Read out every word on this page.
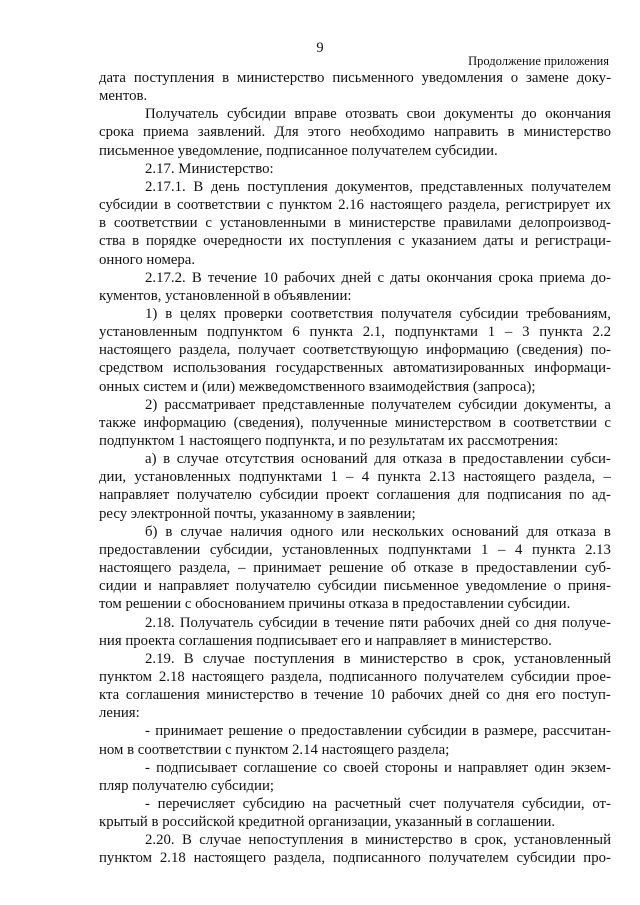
9
Продолжение приложения
дата поступления в министерство письменного уведомления о замене доку-
ментов.
Получатель субсидии вправе отозвать свои документы до окончания
срока приема заявлений. Для этого необходимо направить в министерство
письменное уведомление, подписанное получателем субсидии.
2.17. Министерство:
2.17.1. В день поступления документов, представленных получателем
субсидии в соответствии с пунктом 2.16 настоящего раздела, регистрирует их
в соответствии с установленными в министерстве правилами делопроизвод-
ства в порядке очередности их поступления с указанием даты и регистраци-
онного номера.
2.17.2. В течение 10 рабочих дней с даты окончания срока приема до-
кументов, установленной в объявлении:
1) в целях проверки соответствия получателя субсидии требованиям,
установленным подпунктом 6 пункта 2.1, подпунктами 1 – 3 пункта 2.2
настоящего раздела, получает соответствующую информацию (сведения) по-
средством использования государственных автоматизированных информаци-
онных систем и (или) межведомственного взаимодействия (запроса);
2) рассматривает представленные получателем субсидии документы, а
также информацию (сведения), полученные министерством в соответствии с
подпунктом 1 настоящего подпункта, и по результатам их рассмотрения:
а) в случае отсутствия оснований для отказа в предоставлении субси-
дии, установленных подпунктами 1 – 4 пункта 2.13 настоящего раздела, –
направляет получателю субсидии проект соглашения для подписания по ад-
ресу электронной почты, указанному в заявлении;
б) в случае наличия одного или нескольких оснований для отказа в
предоставлении субсидии, установленных подпунктами 1 – 4 пункта 2.13
настоящего раздела, – принимает решение об отказе в предоставлении суб-
сидии и направляет получателю субсидии письменное уведомление о приня-
том решении с обоснованием причины отказа в предоставлении субсидии.
2.18. Получатель субсидии в течение пяти рабочих дней со дня получе-
ния проекта соглашения подписывает его и направляет в министерство.
2.19. В случае поступления в министерство в срок, установленный
пунктом 2.18 настоящего раздела, подписанного получателем субсидии прое-
кта соглашения министерство в течение 10 рабочих дней со дня его поступ-
ления:
- принимает решение о предоставлении субсидии в размере, рассчитан-
ном в соответствии с пунктом 2.14 настоящего раздела;
- подписывает соглашение со своей стороны и направляет один экзем-
пляр получателю субсидии;
- перечисляет субсидию на расчетный счет получателя субсидии, от-
крытый в российской кредитной организации, указанный в соглашении.
2.20. В случае непоступления в министерство в срок, установленный
пунктом 2.18 настоящего раздела, подписанного получателем субсидии про-
